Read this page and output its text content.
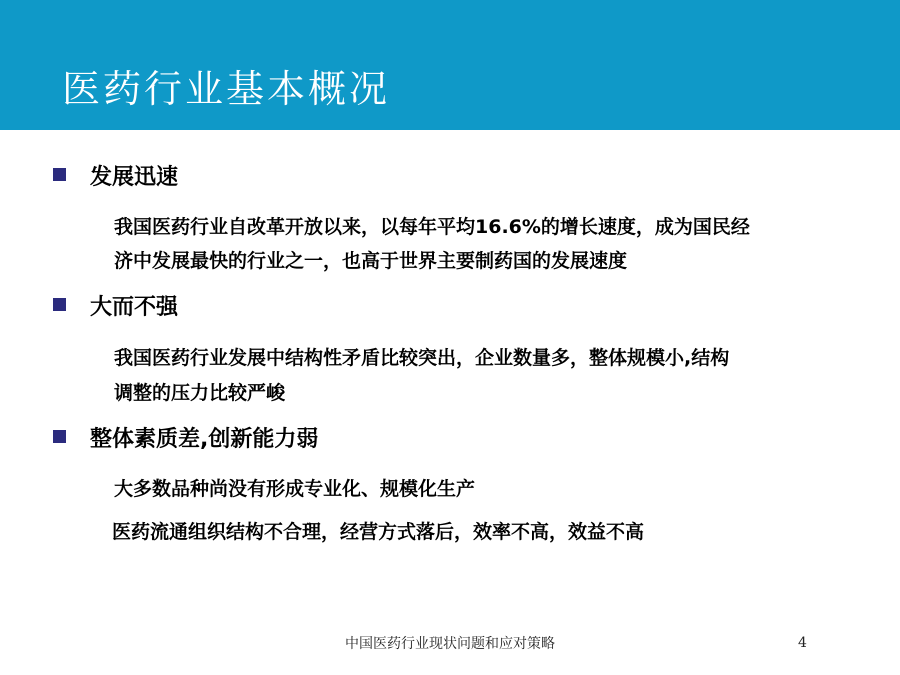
医药行业基本概况
发展迅速
我国医药行业自改革开放以来，以每年平均16.6%的增长速度，成为国民经
济中发展最快的行业之一，也高于世界主要制药国的发展速度
大而不强
我国医药行业发展中结构性矛盾比较突出，企业数量多，整体规模小,结构
调整的压力比较严峻
整体素质差,创新能力弱
大多数品种尚没有形成专业化、规模化生产
医药流通组织结构不合理，经营方式落后，效率不高，效益不高
中国医药行业现状问题和应对策略	4
